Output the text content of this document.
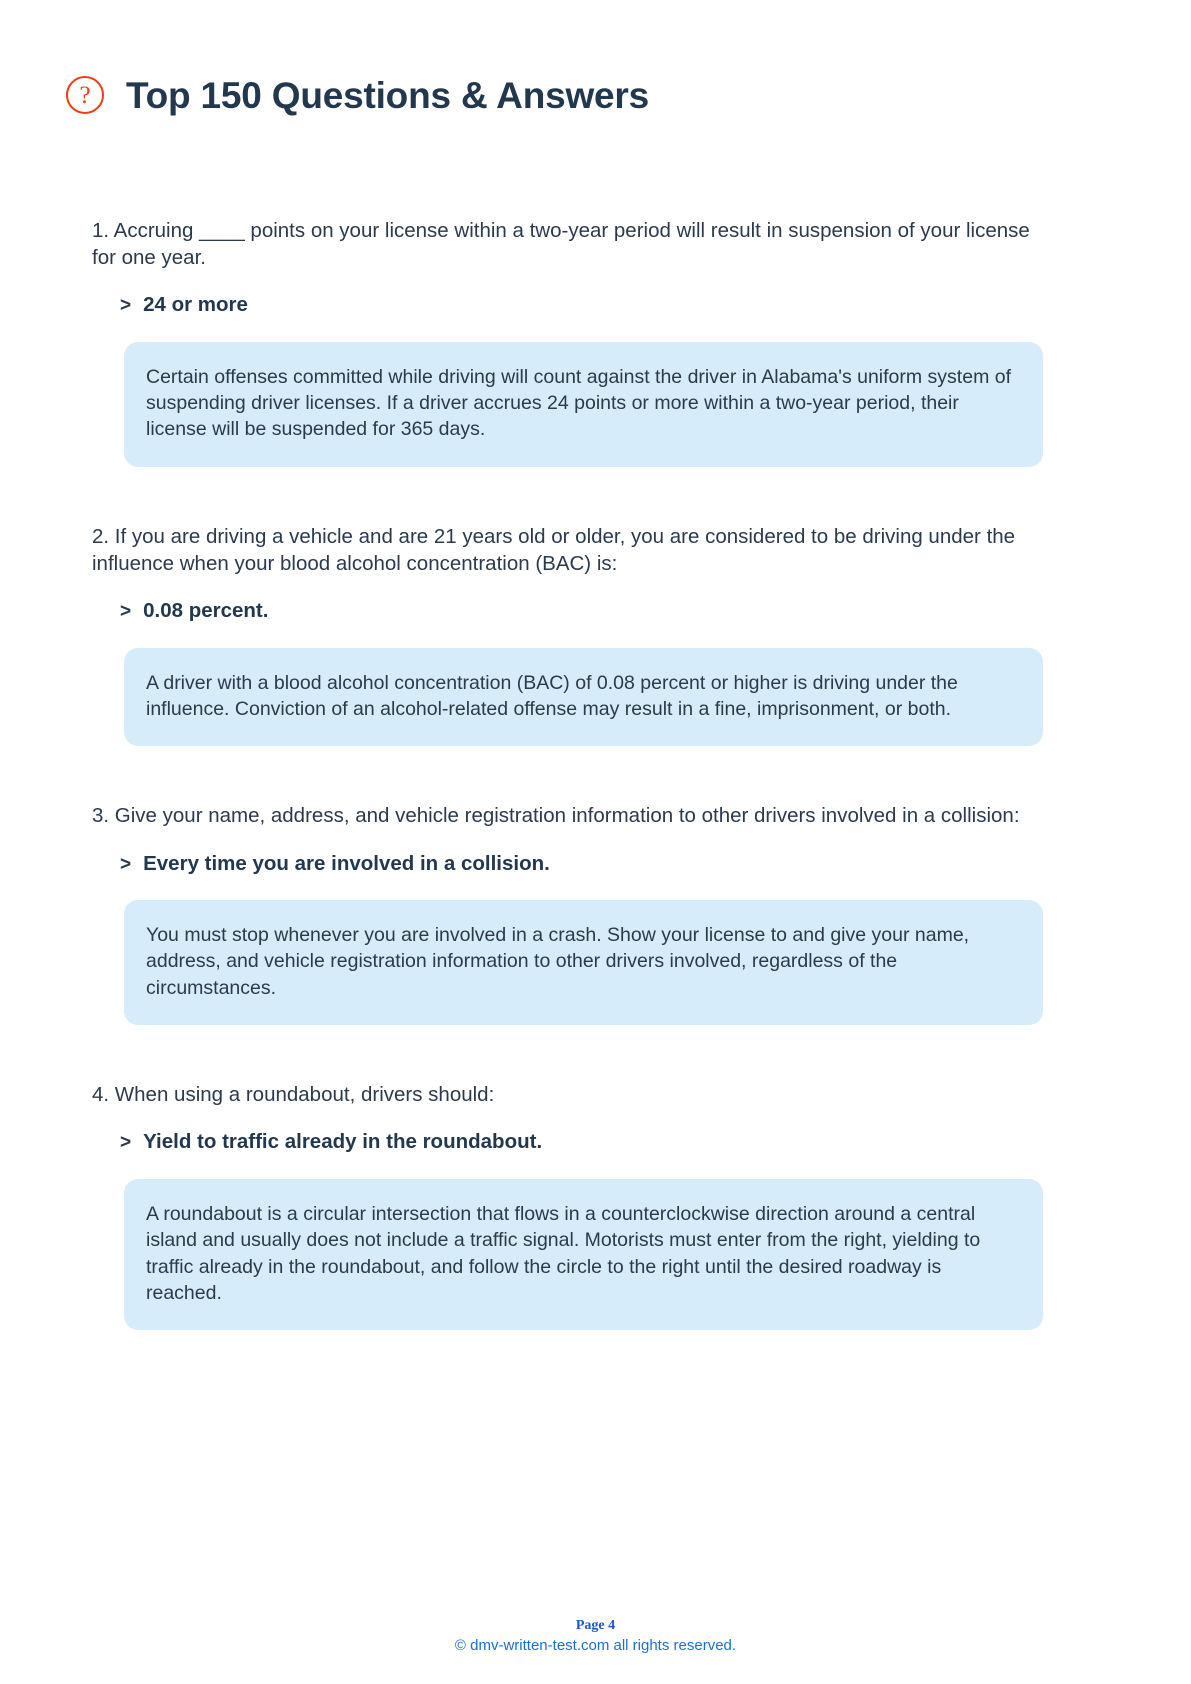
? Top 150 Questions & Answers

1. Accruing ____ points on your license within a two-year period will result in suspension of your license for one year.

> 24 or more
Certain offenses committed while driving will count against the driver in Alabama's uniform system of suspending driver licenses. If a driver accrues 24 points or more within a two-year period, their license will be suspended for 365 days.

2. If you are driving a vehicle and are 21 years old or older, you are considered to be driving under the influence when your blood alcohol concentration (BAC) is:

> 0.08 percent.
A driver with a blood alcohol concentration (BAC) of 0.08 percent or higher is driving under the influence. Conviction of an alcohol-related offense may result in a fine, imprisonment, or both.

3. Give your name, address, and vehicle registration information to other drivers involved in a collision:

> Every time you are involved in a collision.
You must stop whenever you are involved in a crash. Show your license to and give your name, address, and vehicle registration information to other drivers involved, regardless of the circumstances.

4. When using a roundabout, drivers should:

> Yield to traffic already in the roundabout.
A roundabout is a circular intersection that flows in a counterclockwise direction around a central island and usually does not include a traffic signal. Motorists must enter from the right, yielding to traffic already in the roundabout, and follow the circle to the right until the desired roadway is reached.
Page 4
© dmv-written-test.com all rights reserved.
